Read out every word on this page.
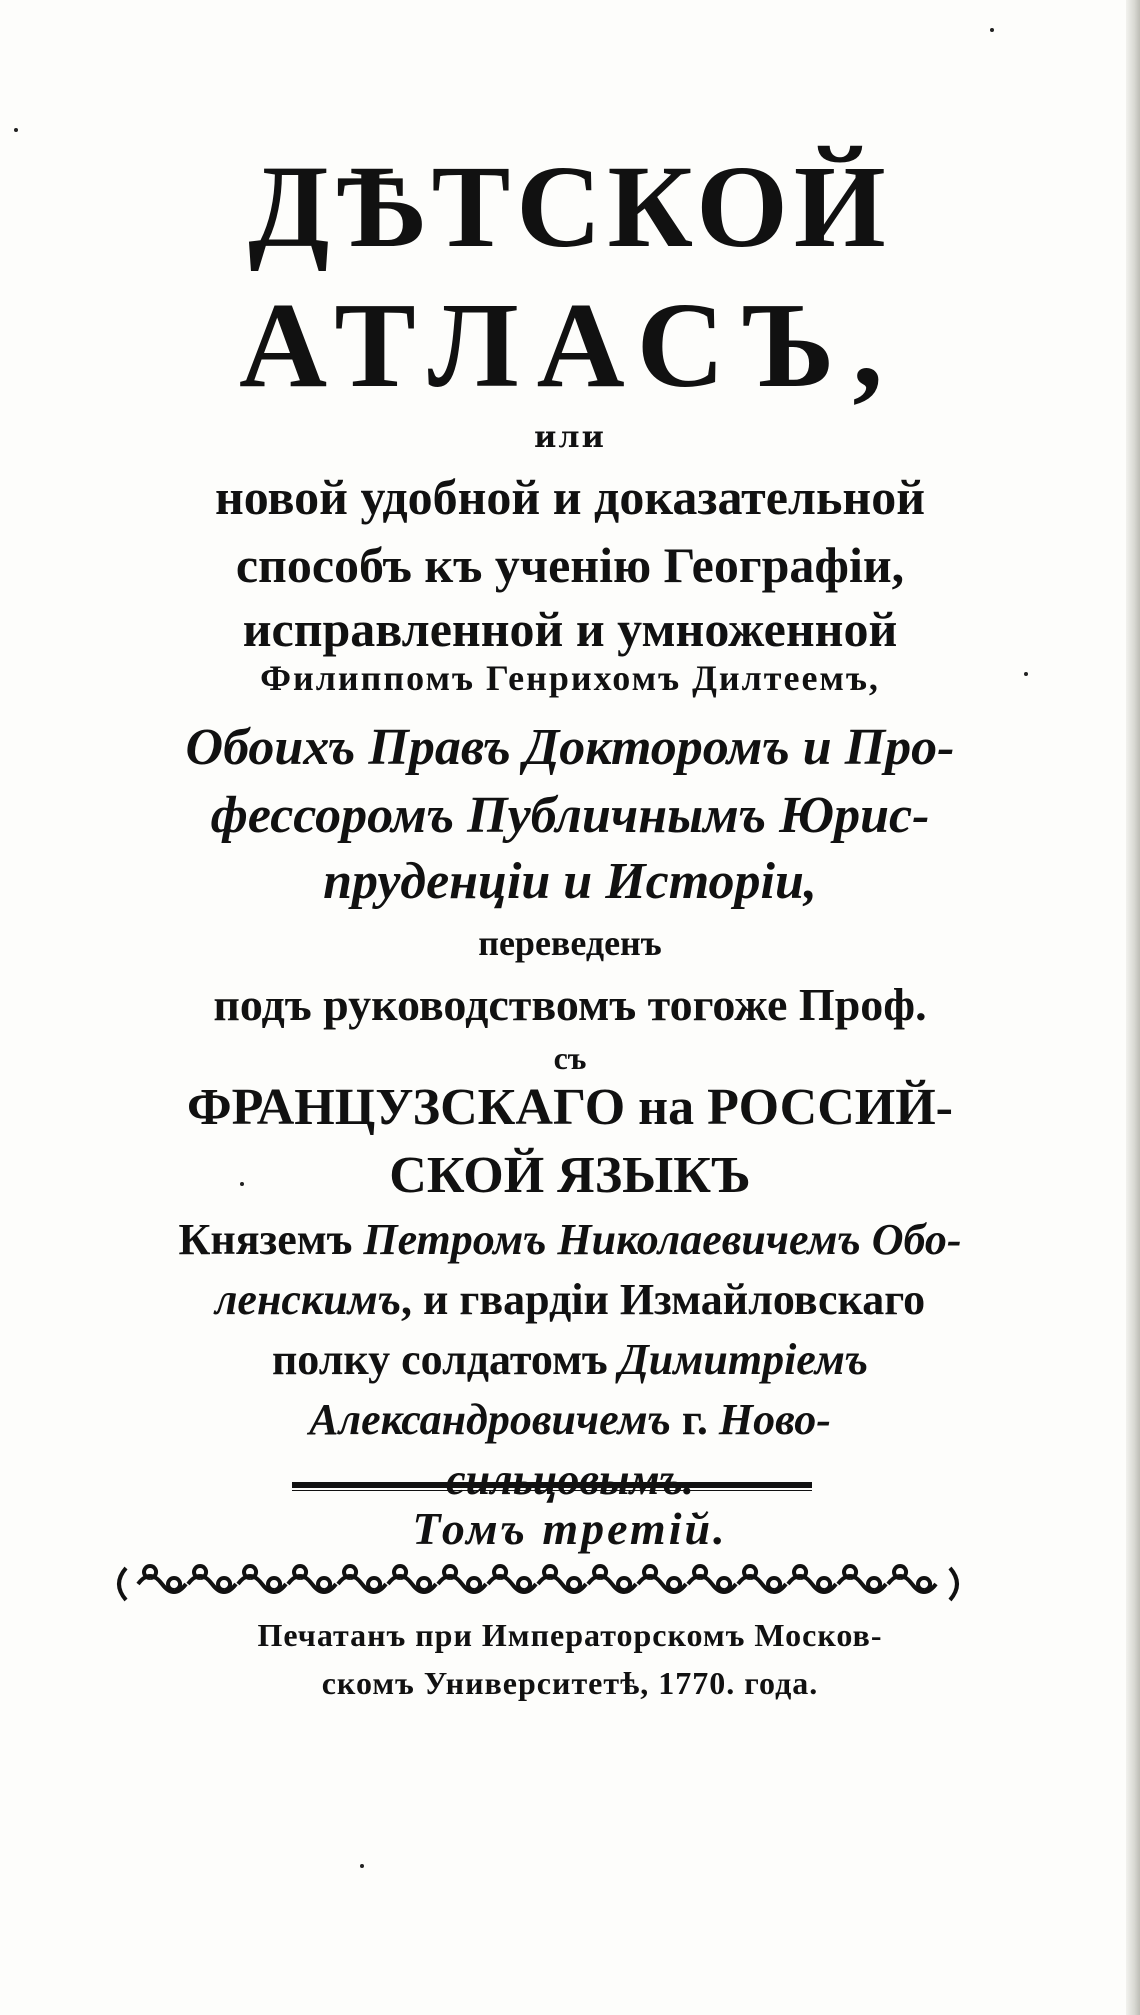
ДѢТСКОЙ

АТЛАСЪ,

или

новой удобной и доказательной

способъ къ ученію Географіи,

исправленной и умноженной

Филиппомъ Генрихомъ Дилтеемъ,

Обоихъ Правъ Докторомъ и Про-

фессоромъ Публичнымъ Юрис-

пруденціи и Исторіи,

переведенъ

подъ руководствомъ тогоже Проф.

съ

ФРАНЦУЗСКАГО на РОССИЙ-

СКОЙ ЯЗЫКЪ

Княземъ Петромъ Николаевичемъ Обо-

ленскимъ, и гвардіи Измайловскаго

полку солдатомъ Димитріемъ

Александровичемъ г. Ново-

сильцовымъ.

Томъ третій.

Печатанъ при Императорскомъ Москов-

скомъ Университетѣ, 1770. года.
